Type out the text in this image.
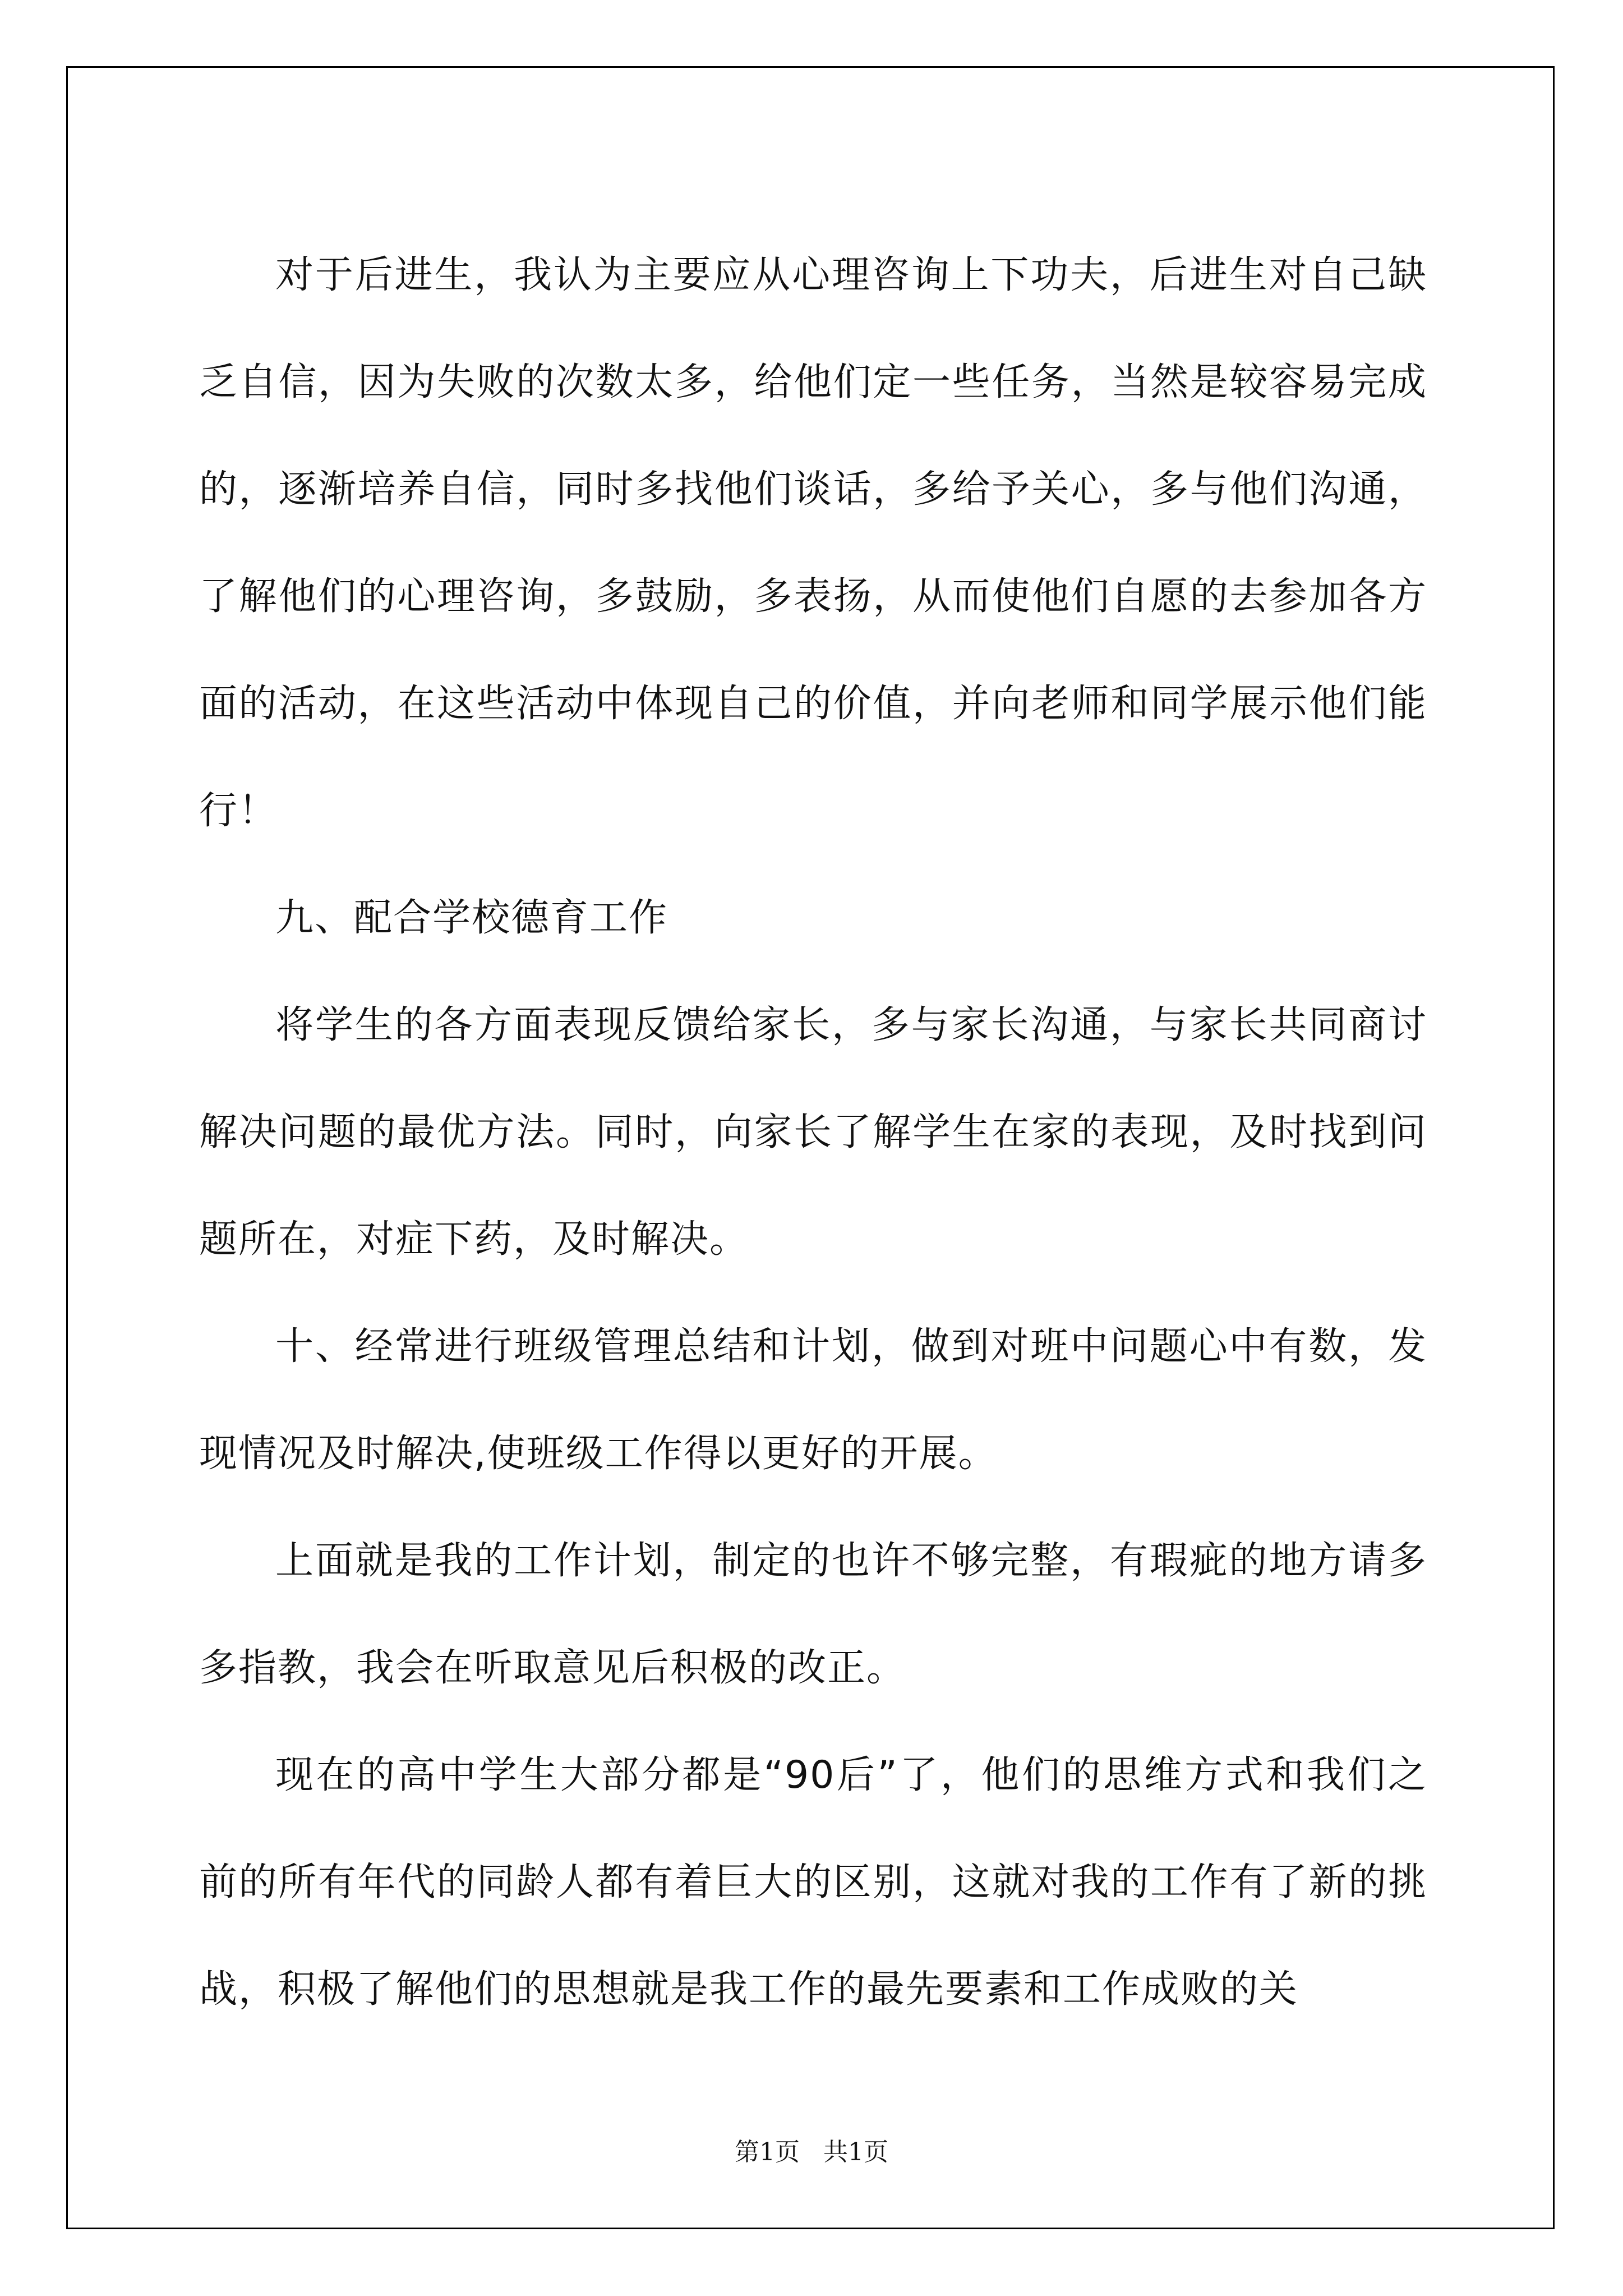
对于后进生，我认为主要应从心理咨询上下功夫，后进生对自己缺乏自信，因为失败的次数太多，给他们定一些任务，当然是较容易完成的，逐渐培养自信，同时多找他们谈话，多给予关心，多与他们沟通，了解他们的心理咨询，多鼓励，多表扬，从而使他们自愿的去参加各方面的活动，在这些活动中体现自己的价值，并向老师和同学展示他们能行！

九、配合学校德育工作

将学生的各方面表现反馈给家长，多与家长沟通，与家长共同商讨解决问题的最优方法。同时，向家长了解学生在家的表现，及时找到问题所在，对症下药，及时解决。

十、经常进行班级管理总结和计划，做到对班中问题心中有数，发现情况及时解决,使班级工作得以更好的开展。

上面就是我的工作计划，制定的也许不够完整，有瑕疵的地方请多多指教，我会在听取意见后积极的改正。

现在的高中学生大部分都是“90后”了，他们的思维方式和我们之前的所有年代的同龄人都有着巨大的区别，这就对我的工作有了新的挑战，积极了解他们的思想就是我工作的最先要素和工作成败的关

第1页   共1页
